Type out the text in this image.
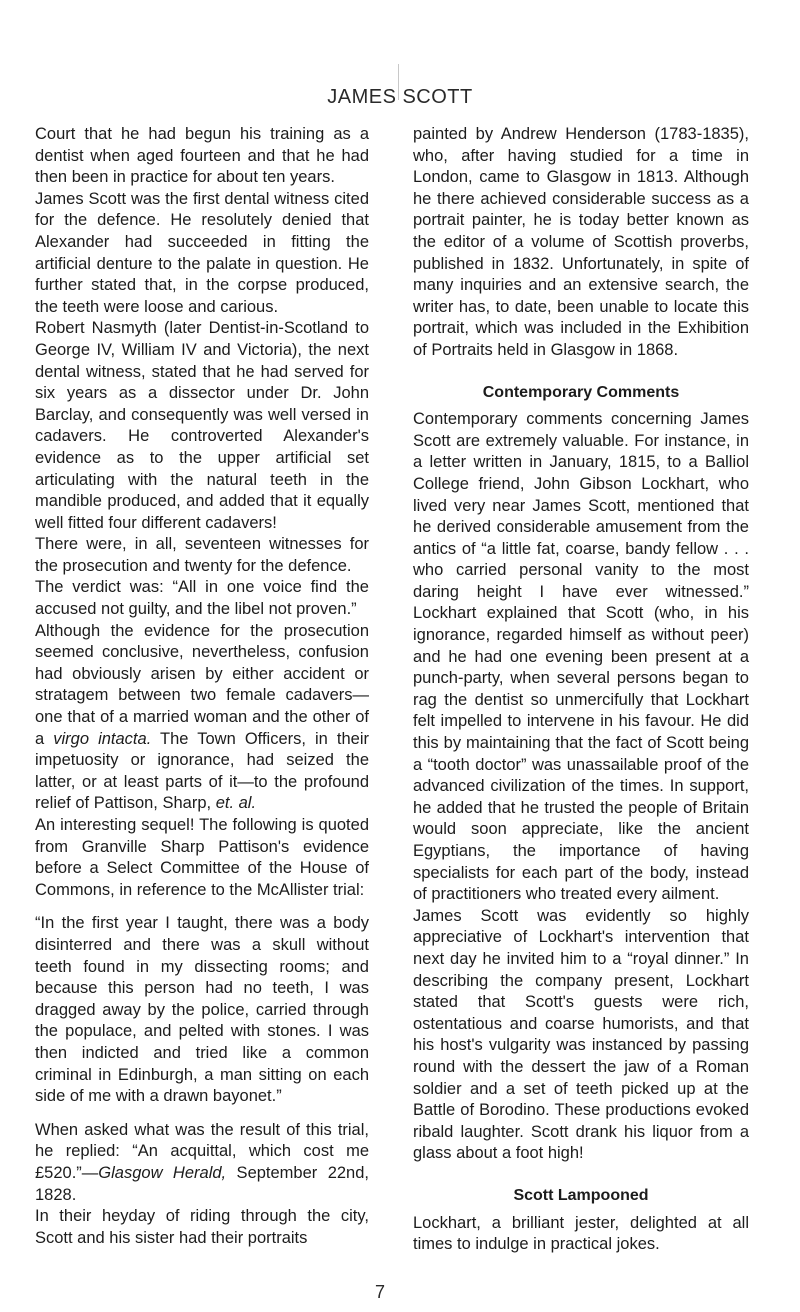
JAMES SCOTT

Court that he had begun his training as a dentist when aged fourteen and that he had then been in practice for about ten years.

James Scott was the first dental witness cited for the defence. He resolutely denied that Alexander had succeeded in fitting the artificial denture to the palate in question. He further stated that, in the corpse produced, the teeth were loose and carious.

Robert Nasmyth (later Dentist-in-Scotland to George IV, William IV and Victoria), the next dental witness, stated that he had served for six years as a dissector under Dr. John Barclay, and consequently was well versed in cadavers. He controverted Alexander's evidence as to the upper artificial set articulating with the natural teeth in the mandible produced, and added that it equally well fitted four different cadavers!

There were, in all, seventeen witnesses for the prosecution and twenty for the defence.

The verdict was: “All in one voice find the accused not guilty, and the libel not proven.”

Although the evidence for the prosecution seemed conclusive, nevertheless, confusion had obviously arisen by either accident or stratagem between two female cadavers—one that of a married woman and the other of a virgo intacta. The Town Officers, in their impetuosity or ignorance, had seized the latter, or at least parts of it—to the profound relief of Pattison, Sharp, et. al.

An interesting sequel! The following is quoted from Granville Sharp Pattison's evidence before a Select Committee of the House of Commons, in reference to the McAllister trial:

“In the first year I taught, there was a body disinterred and there was a skull without teeth found in my dissecting rooms; and because this person had no teeth, I was dragged away by the police, carried through the populace, and pelted with stones. I was then indicted and tried like a common criminal in Edinburgh, a man sitting on each side of me with a drawn bayonet.”

When asked what was the result of this trial, he replied: “An acquittal, which cost me £520.”—Glasgow Herald, September 22nd, 1828.

In their heyday of riding through the city, Scott and his sister had their portraits

painted by Andrew Henderson (1783-1835), who, after having studied for a time in London, came to Glasgow in 1813. Although he there achieved considerable success as a portrait painter, he is today better known as the editor of a volume of Scottish proverbs, published in 1832. Unfortunately, in spite of many inquiries and an extensive search, the writer has, to date, been unable to locate this portrait, which was included in the Exhibition of Portraits held in Glasgow in 1868.

Contemporary Comments

Contemporary comments concerning James Scott are extremely valuable. For instance, in a letter written in January, 1815, to a Balliol College friend, John Gibson Lockhart, who lived very near James Scott, mentioned that he derived considerable amusement from the antics of “a little fat, coarse, bandy fellow . . . who carried personal vanity to the most daring height I have ever witnessed.” Lockhart explained that Scott (who, in his ignorance, regarded himself as without peer) and he had one evening been present at a punch-party, when several persons began to rag the dentist so unmercifully that Lockhart felt impelled to intervene in his favour. He did this by maintaining that the fact of Scott being a “tooth doctor” was unassailable proof of the advanced civilization of the times. In support, he added that he trusted the people of Britain would soon appreciate, like the ancient Egyptians, the importance of having specialists for each part of the body, instead of practitioners who treated every ailment.

James Scott was evidently so highly appreciative of Lockhart's intervention that next day he invited him to a “royal dinner.” In describing the company present, Lockhart stated that Scott's guests were rich, ostentatious and coarse humorists, and that his host's vulgarity was instanced by passing round with the dessert the jaw of a Roman soldier and a set of teeth picked up at the Battle of Borodino. These productions evoked ribald laughter. Scott drank his liquor from a glass about a foot high!

Scott Lampooned

Lockhart, a brilliant jester, delighted at all times to indulge in practical jokes.

7
